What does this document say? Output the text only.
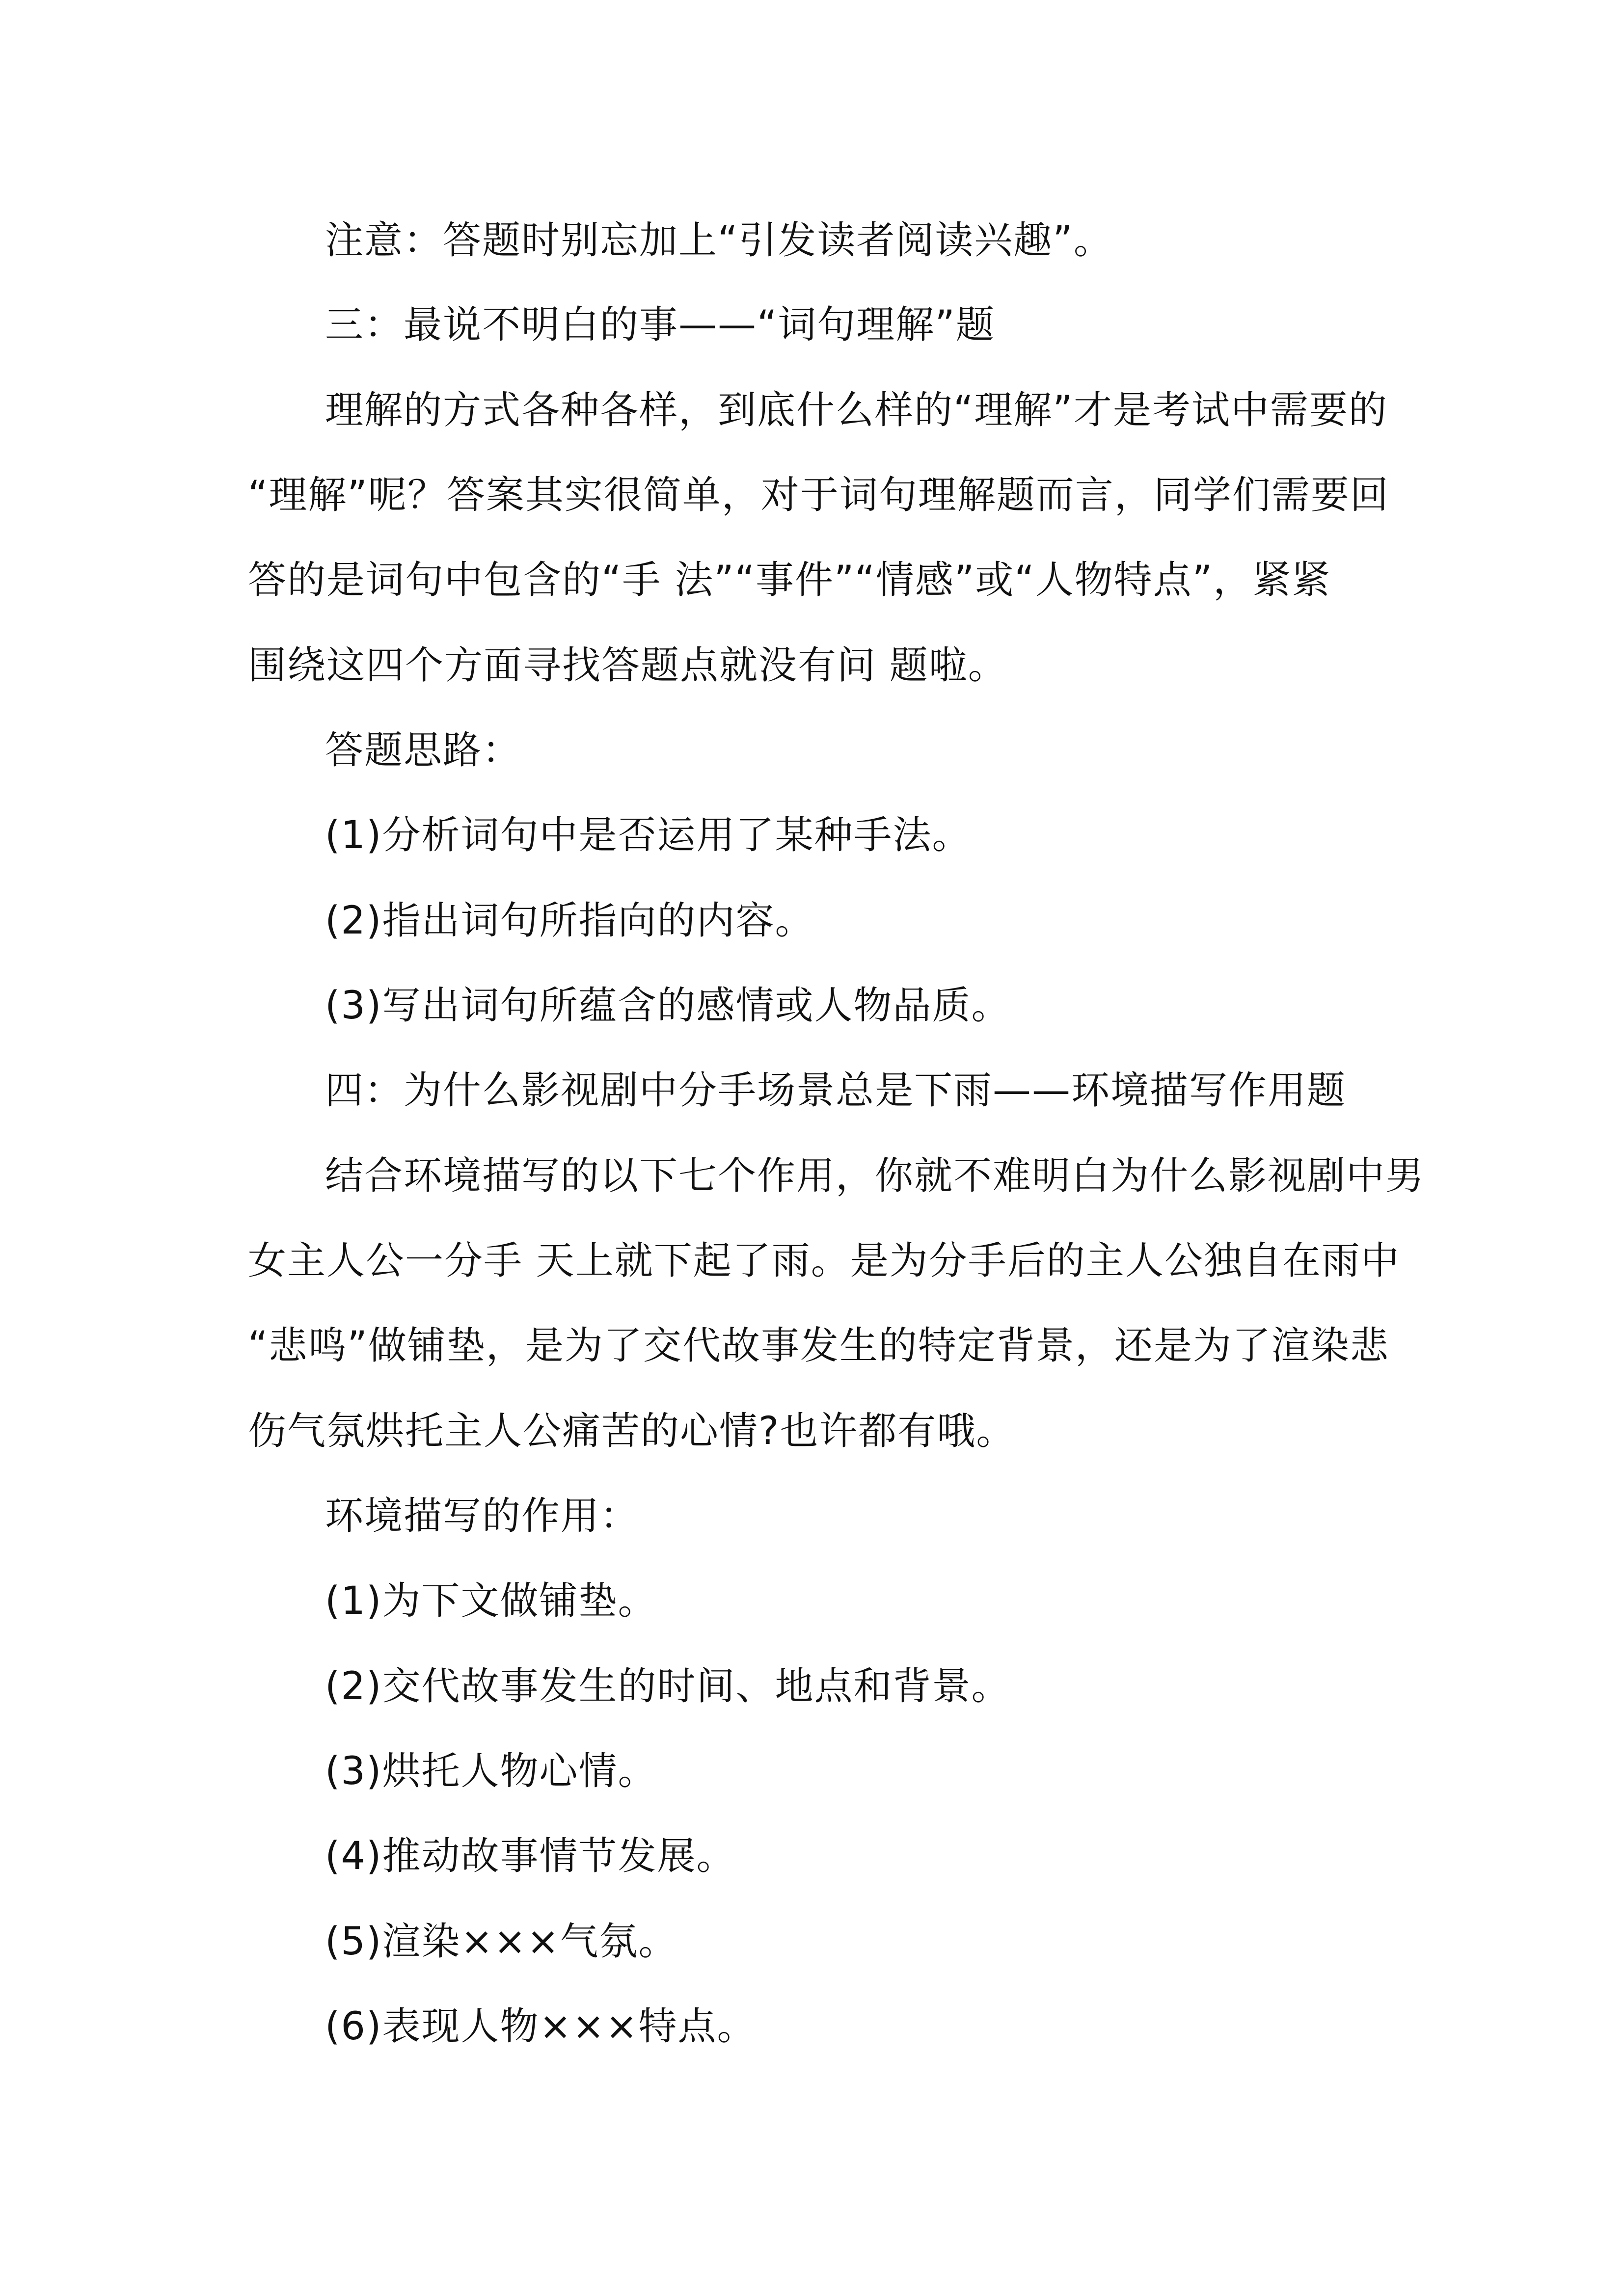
注意：答题时别忘加上“引发读者阅读兴趣”。
三：最说不明白的事——“词句理解”题
理解的方式各种各样，到底什么样的“理解”才是考试中需要的
“理解”呢？答案其实很简单，对于词句理解题而言，同学们需要回
答的是词句中包含的“手 法”“事件”“情感”或“人物特点”，紧紧
围绕这四个方面寻找答题点就没有问 题啦。
答题思路：
(1)分析词句中是否运用了某种手法。
(2)指出词句所指向的内容。
(3)写出词句所蕴含的感情或人物品质。
四：为什么影视剧中分手场景总是下雨——环境描写作用题
结合环境描写的以下七个作用，你就不难明白为什么影视剧中男
女主人公一分手 天上就下起了雨。是为分手后的主人公独自在雨中
“悲鸣”做铺垫，是为了交代故事发生的特定背景，还是为了渲染悲
伤气氛烘托主人公痛苦的心情?也许都有哦。
环境描写的作用：
(1)为下文做铺垫。
(2)交代故事发生的时间、地点和背景。
(3)烘托人物心情。
(4)推动故事情节发展。
(5)渲染×××气氛。
(6)表现人物×××特点。
